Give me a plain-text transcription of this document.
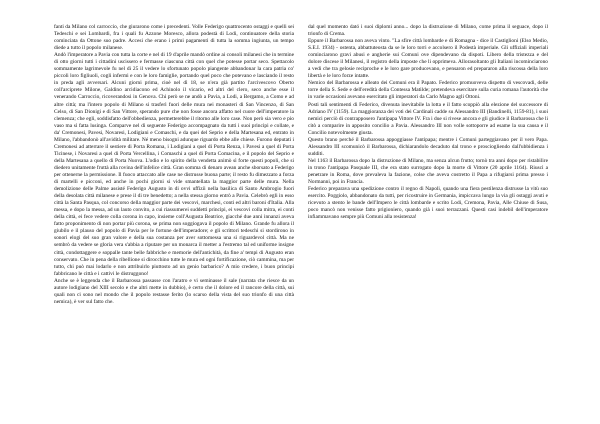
fanti da Milano col carroccio, che giurarono come i precedenti. Volle Federigo quattrocento ostaggi e quelli sei Tedeschi e sei Lombardi, fra i quali fu Azzone Moresco, allora podestà di Lodi, continuatore della storia cominciata da Ottone suo padre. Accesi che erano i primi pagamenti di tutta la somma ingiunta, un tempo diede a tutto il popolo milanese.

Andò l'imperatore a Pavia con tutta la corte e nel di 19 d'aprile mandò ordine ai consoli milanesi che in termine di otto giorni tutti i cittadini uscissero e fermasse ciascuna città con quel che potesse portar seco. Spettacolo sommamente lagrimevole fu nel dì 25 il vedere lo sfortunato popolo piangente abbandonar la cara patria co' piccoli loro figliuoli, cogli infermi e con le loro famiglie, portando quel poco che potevano e lasciando il resto in preda agli avversari. Alcuni giorni prima, cioè nel dì 18, se n'era già partito l'arcivescovo Oberto coll'arciprete Milone, Galdino arcidiacono ed Achinolo il vicario, ed altri del clero, seco anche esse il venerando Carroccio, ricoverandosi in Genova. Chi però se ne andò a Pavia, a Lodi, a Bergamo, a Como e ad altre città; ma l'intero popolo di Milano si trasferì fuori delle mura nei monasteri di San Vincenzo, di San Celso, di San Dionigi e di San Vittore, sperando pure che non fosse ancora affatto nel cuore dell'imperatore la clemenza; che egli, soddisfatto dell'obbedienza, permetterebbe il ritorno alle loro case. Non però sia vero e pio vaso ma sì fatta lusinga. Comparve nel dì seguente Federigo accompagnato da tutti i suoi principi e collate, e da' Cremonesi, Pavesi, Novaresi, Lodigiani e Comaschi, e da quei del Seprio e della Martesana ed, entrato in Milano, l'abbandonò all'avidità militare. Né meno bisogni adunque riguardo ebbe alle chiese. Furono deputati i Cremonesi ad atterrare il sestiere di Porta Romana, i Lodigiani a quel di Porta Renza, i Pavesi a quel di Porta Ticinese, i Novaresi a quel di Porta Vercellina, i Comaschi a quel di Porta Comacina, e il popolo del Seprio e della Martesana a quello di Porta Nuova. L'odio e lo spirito della vendetta animò sì forte questi popoli, che si diedero unitamente fruttà alla rovina dell'infelice città. Gran somma di denaro avean anche sborsato a Federigo per ottenerne la permissione. Il fuoco attaccato alle case ne distrusse buona parte; il resto fu dimezzato a forza di martelli e picconi, ed anche in pochi giorni si vide smantellata la maggior parte delle mura. Nella demolizione delle Palme assisté Federigo Augusto in di ovvi uffizii nella basilica di Santo Ambrogio fuori della desolata città milanese e prese il di tre benedetto; a nella stessa giorno entrò a Pavia. Celebrò egli in esso città la Santa Pasqua, col concorso della maggior parte dei vescovi, marchesi, conti ed altri baroni d'Italia. Alla messa, e dopo la messa, ad un lauto convito, a cui riassumerei suddetti principi, ei vescovi colla mitra, ei conti della città, ei fece vedere colla corona in capo, insieme coll'Augusta Beatrice, giacché due anni innanzi aveva fatto proponimento di non portar più corona, se prima non soggiogava il popolo di Milano. Grande fu allora il giubilo e il plauso del popolo di Pavia per le fortune dell'imperadore; e gli scrittori tedeschi si stordirono in sonori elogi del suo gran valore e della sua costanza per aver sottomessa una sì riguardevol città. Ma ne sembrò da vedere se gloria vera s'abbia a riputare per un monarca il metter a l'estremo tal ed uniforme insigne città, condottaggere e soppalle tante belle fabbriche e memorie dell'antichità, da fine a' tempi di Augusto eran conservato. Che in pena della ribellione si dirocchino tutte le mura ed ogni fortificazione, ciò cammina, ma per tutto, chi può mai lodarlo e non attribuirlo piuttosto ad un genio barbarico? A mio credere, i buon principi fabbricano le città e i cattivi le distruggono!

Anche se è leggenda che il Barbarossa passasse con l'aratro e vi seminasse il sale (narrata che riesce da un autore lodigiano del XIII secolo e che altri mette in dubbio), è certo che il dolore ed il rancore della città, sui quali non ci sono nel mondo che il popolo restasse ferito (lo scarso della vista del suo trionfo di una città nemica), è ver sul fatto che.

dal quel momento dató i suoi diplomi anno... dopo la distruzione di Milano, come prima il seguace, dopo il trionfo di Crema.

Eppure il Barbarossa non aveva vinto. "La sfire città lombarde e di Romagna - dice il Castiglioni (Elso Medio, S.E.I. 1934) - ostenta, abbattuteosta da se le loro torri e accolsero il Podestà imperiale. Gli uffiziali imperiali cominciarono gravi abusi e angherie sui Comuni ove dipendevano da dispoti. Libero della tristezza e del dolore discese il Milanesi, il registro della imposte che li opprimeva. Allorasoltanto gli Italiani incominciarono a vedi che tra gelosie reciproche e le loro gare producevano, e pensaron ed prepararon alla riscossa della loro libertà e le loro forze intatte.

Nemico del Barbarossa e alleato dei Comuni era il Papato. Federico promuoveva dispetto di vescovadi, delle torre della S. Sede e dell'eredità della Contessa Matilde; pretendeva esercitare sulla curia romana l'autorità che in varie occasioni avevano esercitato gli imperatori da Carlo Magno agli Ottoni.

Posti tali sentimenti di Federico, divenuta inevitabile la lotta e il fatto scoppiò alla elezione del successore di Adriano IV (1159). La maggioranza dei voti dei Cardinali cadde su Alessandro III (Bandinelli, 1159-81), i suoi nemici perciò di contrapposero l'antipapa Vittore IV. Fra i due si rivese ancora e gli giudice il Barbarossa che li citò a comparire in apposito concilio a Pavia. Alessandro III non volle sottoporre ad esame la sua causa e il Concilio notevolmente giusta.

Questo brano perché il Barbarossa appoggiasse l'antipapa; mentre i Comuni parteggiavano per il vero Papa. Alessandro III scomunicò il Barbarossa, dichiarandolo decaduto dal trono e prosciogliendo dall'ubbidienza i sudditi.

Nel 1163 il Barbarossa dopo la distruzione di Milano, ma senza alcun frutto; tornò tra anni dopo per ristabilire in trono l'antipapa Pasquale III, che era stato surrogato dopo la morte di Vittore (20 aprile 1164). Riuscì a penetrare in Roma, dove prevaleva la fazione, colse che aveva costretto il Papa a rifugiarsi prima presso i Normanni, poi in Francia.

Federico preparava una spedizione contro il regno di Napoli, quando una fiera pestilenza distrusse la vitù suo esercito. Poggiolo, abbandonato da tutti, per ricostruire in Germania, impiccava lungo la via gli ostaggi avuti e ricevuto a stento le bande dell'Impero le città lombarde e scrito Lodi, Cremona, Pavia, Alle Chiuse di Susa, poco mancò non venisse fatto prigioniero, quando già i suoi terrazzani. Questi casi indebil dell'imperatore infiammavano sempre più Comuni alla resistenza!
